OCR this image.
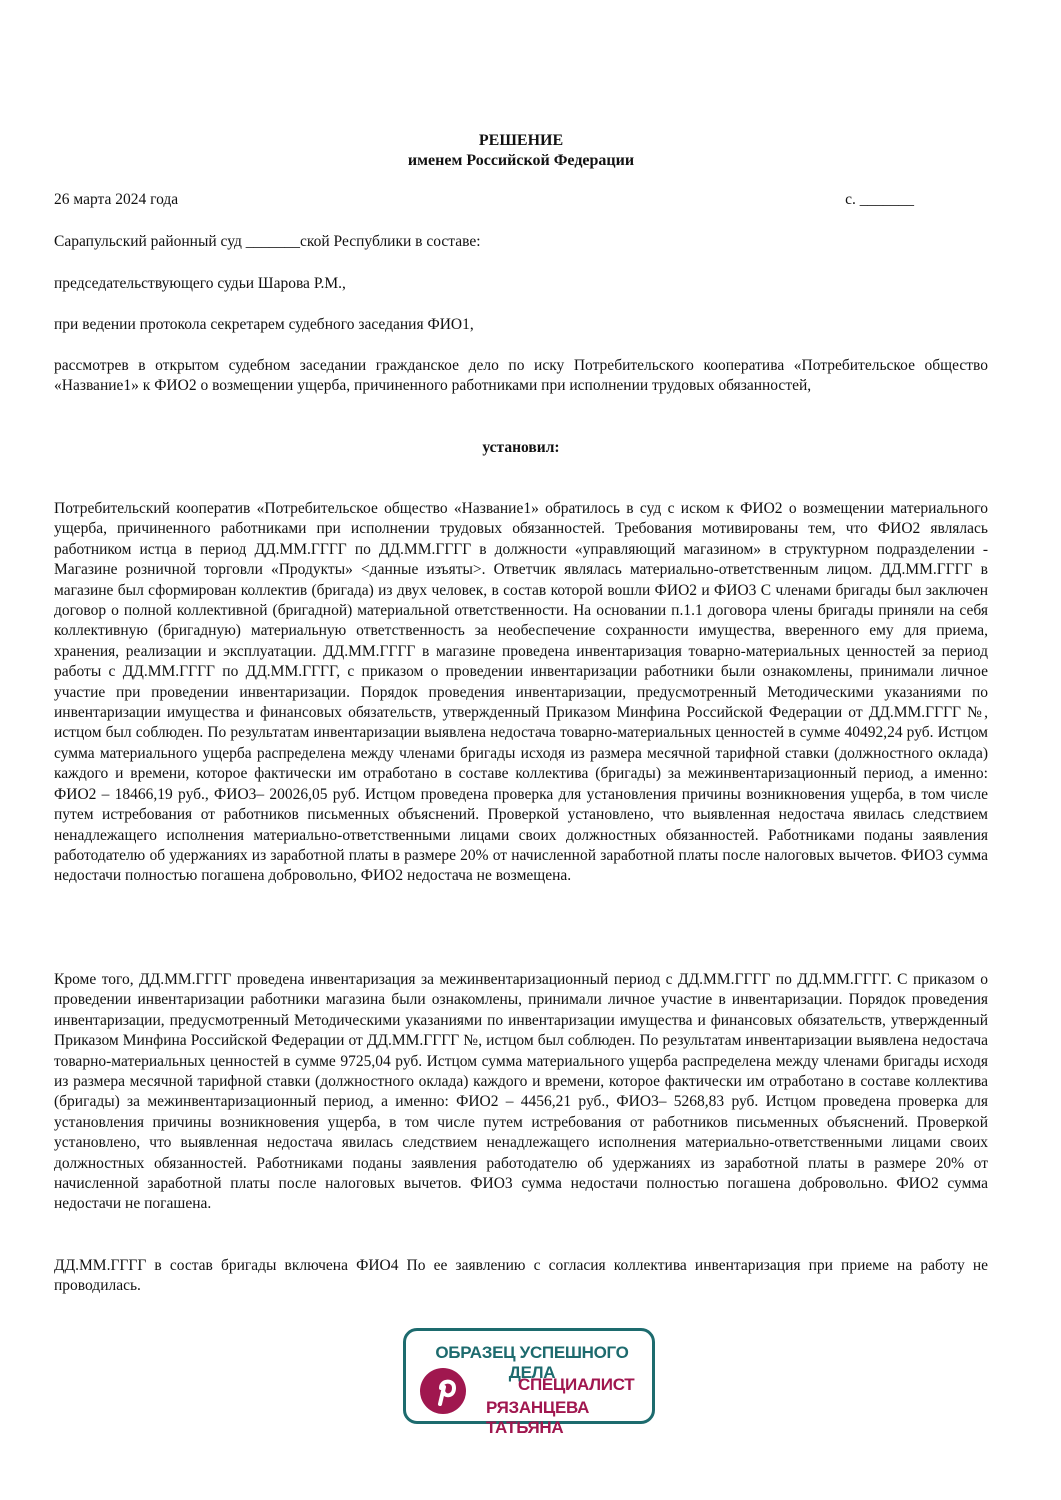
РЕШЕНИЕ
именем Российской Федерации
26 марта 2024 года	с. _______
Сарапульский районный суд _______ской Республики в составе:
председательствующего судьи Шарова Р.М.,
при ведении протокола секретарем судебного заседания ФИО1,
рассмотрев в открытом судебном заседании гражданское дело по иску Потребительского кооператива «Потребительское общество «Название1» к ФИО2 о возмещении ущерба, причиненного работниками при исполнении трудовых обязанностей,
установил:
Потребительский кооператив «Потребительское общество «Название1» обратилось в суд с иском к ФИО2 о возмещении материального ущерба, причиненного работниками при исполнении трудовых обязанностей. Требования мотивированы тем, что ФИО2 являлась работником истца в период ДД.ММ.ГГГГ по ДД.ММ.ГГГГ в должности «управляющий магазином» в структурном подразделении - Магазине розничной торговли «Продукты» <данные изъяты>. Ответчик являлась материально-ответственным лицом. ДД.ММ.ГГГГ в магазине был сформирован коллектив (бригада) из двух человек, в состав которой вошли ФИО2 и ФИО3 С членами бригады был заключен договор о полной коллективной (бригадной) материальной ответственности. На основании п.1.1 договора члены бригады приняли на себя коллективную (бригадную) материальную ответственность за необеспечение сохранности имущества, вверенного ему для приема, хранения, реализации и эксплуатации. ДД.ММ.ГГГГ в магазине проведена инвентаризация товарно-материальных ценностей за период работы с ДД.ММ.ГГГГ по ДД.ММ.ГГГГ, с приказом о проведении инвентаризации работники были ознакомлены, принимали личное участие при проведении инвентаризации. Порядок проведения инвентаризации, предусмотренный Методическими указаниями по инвентаризации имущества и финансовых обязательств, утвержденный Приказом Минфина Российской Федерации от ДД.ММ.ГГГГ №, истцом был соблюден. По результатам инвентаризации выявлена недостача товарно-материальных ценностей в сумме 40492,24 руб. Истцом сумма материального ущерба распределена между членами бригады исходя из размера месячной тарифной ставки (должностного оклада) каждого и времени, которое фактически им отработано в составе коллектива (бригады) за межинвентаризационный период, а именно: ФИО2 – 18466,19 руб., ФИО3– 20026,05 руб. Истцом проведена проверка для установления причины возникновения ущерба, в том числе путем истребования от работников письменных объяснений. Проверкой установлено, что выявленная недостача явилась следствием ненадлежащего исполнения материально-ответственными лицами своих должностных обязанностей. Работниками поданы заявления работодателю об удержаниях из заработной платы в размере 20% от начисленной заработной платы после налоговых вычетов. ФИО3 сумма недостачи полностью погашена добровольно, ФИО2 недостача не возмещена.
Кроме того, ДД.ММ.ГГГГ проведена инвентаризация за межинвентаризационный период с ДД.ММ.ГГГГ по ДД.ММ.ГГГГ. С приказом о проведении инвентаризации работники магазина были ознакомлены, принимали личное участие в инвентаризации. Порядок проведения инвентаризации, предусмотренный Методическими указаниями по инвентаризации имущества и финансовых обязательств, утвержденный Приказом Минфина Российской Федерации от ДД.ММ.ГГГГ №, истцом был соблюден. По результатам инвентаризации выявлена недостача товарно-материальных ценностей в сумме 9725,04 руб. Истцом сумма материального ущерба распределена между членами бригады исходя из размера месячной тарифной ставки (должностного оклада) каждого и времени, которое фактически им отработано в составе коллектива (бригады) за межинвентаризационный период, а именно: ФИО2 – 4456,21 руб., ФИО3– 5268,83 руб. Истцом проведена проверка для установления причины возникновения ущерба, в том числе путем истребования от работников письменных объяснений. Проверкой установлено, что выявленная недостача явилась следствием ненадлежащего исполнения материально-ответственными лицами своих должностных обязанностей. Работниками поданы заявления работодателю об удержаниях из заработной платы в размере 20% от начисленной заработной платы после налоговых вычетов. ФИО3 сумма недостачи полностью погашена добровольно. ФИО2 сумма недостачи не погашена.
ДД.ММ.ГГГГ в состав бригады включена ФИО4 По ее заявлению с согласия коллектива инвентаризация при приеме на работу не проводилась.
ОБРАЗЕЦ УСПЕШНОГО ДЕЛА
СПЕЦИАЛИСТ
РЯЗАНЦЕВА ТАТЬЯНА
